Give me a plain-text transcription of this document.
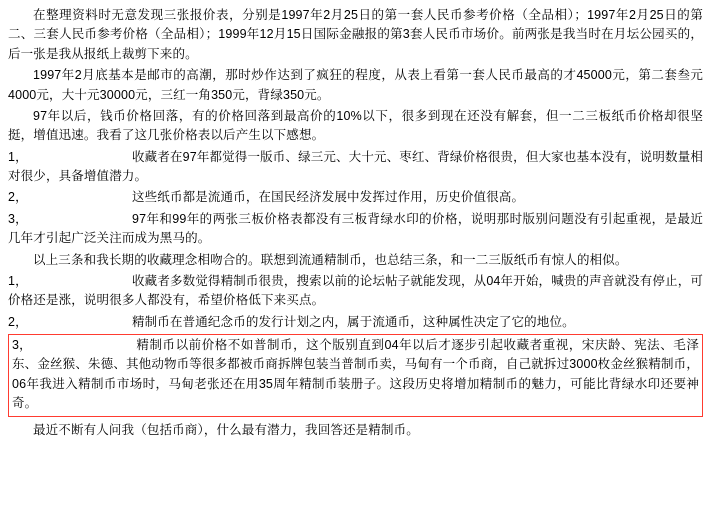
在整理资料时无意发现三张报价表，分别是1997年2月25日的第一套人民币参考价格（全品相）；1997年2月25日的第二、三套人民币参考价格（全品相）；1999年12月15日国际金融报的第3套人民币市场价。前两张是我当时在月坛公园买的，后一张是我从报纸上裁剪下来的。

1997年2月底基本是邮市的高潮，那时炒作达到了疯狂的程度，从表上看第一套人民币最高的才45000元，第二套叁元4000元，大十元30000元，三红一角350元，背绿350元。

97年以后，钱币价格回落，有的价格回落到最高价的10%以下，很多到现在还没有解套，但一二三板纸币价格却很坚挺，增值迅速。我看了这几张价格表以后产生以下感想。

1，	收藏者在97年都觉得一版币、绿三元、大十元、枣红、背绿价格很贵，但大家也基本没有，说明数量相对很少，具备增值潜力。

2，	这些纸币都是流通币，在国民经济发展中发挥过作用，历史价值很高。

3，	97年和99年的两张三板价格表都没有三板背绿水印的价格，说明那时版别问题没有引起重视，是最近几年才引起广泛关注而成为黑马的。

以上三条和我长期的收藏理念相吻合的。联想到流通精制币，也总结三条，和一二三版纸币有惊人的相似。

1，	收藏者多数觉得精制币很贵，搜索以前的论坛帖子就能发现，从04年开始，喊贵的声音就没有停止，可价格还是涨，说明很多人都没有，希望价格低下来买点。

2，	精制币在普通纪念币的发行计划之内，属于流通币，这种属性决定了它的地位。

3，	精制币以前价格不如普制币，这个版别直到04年以后才逐步引起收藏者重视，宋庆龄、宪法、毛泽东、金丝猴、朱德、其他动物币等很多都被币商拆牌包装当普制币卖，马甸有一个币商，自己就拆过3000枚金丝猴精制币，06年我进入精制币市场时，马甸老张还在用35周年精制币装册子。这段历史将增加精制币的魅力，可能比背绿水印还要神奇。

最近不断有人问我（包括币商），什么最有潜力，我回答还是精制币。
